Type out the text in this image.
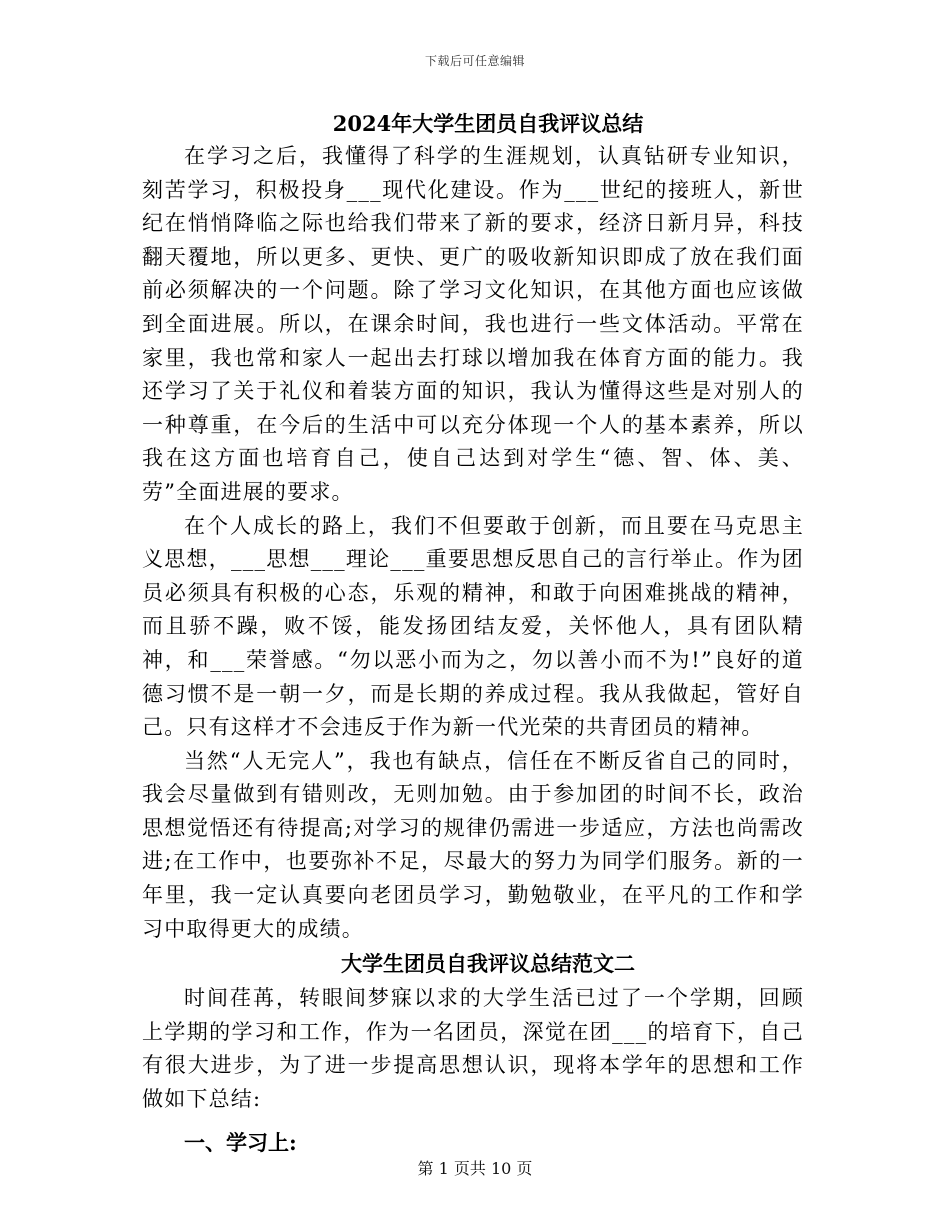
下载后可任意编辑
2024年大学生团员自我评议总结

在学习之后，我懂得了科学的生涯规划，认真钻研专业知识，刻苦学习，积极投身___现代化建设。作为___世纪的接班人，新世纪在悄悄降临之际也给我们带来了新的要求，经济日新月异，科技翻天覆地，所以更多、更快、更广的吸收新知识即成了放在我们面前必须解决的一个问题。除了学习文化知识，在其他方面也应该做到全面进展。所以，在课余时间，我也进行一些文体活动。平常在家里，我也常和家人一起出去打球以增加我在体育方面的能力。我还学习了关于礼仪和着装方面的知识，我认为懂得这些是对别人的一种尊重，在今后的生活中可以充分体现一个人的基本素养，所以我在这方面也培育自己，使自己达到对学生“德、智、体、美、劳”全面进展的要求。

在个人成长的路上，我们不但要敢于创新，而且要在马克思主义思想，___思想___理论___重要思想反思自己的言行举止。作为团员必须具有积极的心态，乐观的精神，和敢于向困难挑战的精神，而且骄不躁，败不馁，能发扬团结友爱，关怀他人，具有团队精神，和___荣誉感。“勿以恶小而为之，勿以善小而不为!”良好的道德习惯不是一朝一夕，而是长期的养成过程。我从我做起，管好自己。只有这样才不会违反于作为新一代光荣的共青团员的精神。

当然“人无完人”，我也有缺点，信任在不断反省自己的同时，我会尽量做到有错则改，无则加勉。由于参加团的时间不长，政治思想觉悟还有待提高;对学习的规律仍需进一步适应，方法也尚需改进;在工作中，也要弥补不足，尽最大的努力为同学们服务。新的一年里，我一定认真要向老团员学习，勤勉敬业，在平凡的工作和学习中取得更大的成绩。

大学生团员自我评议总结范文二

时间荏苒，转眼间梦寐以求的大学生活已过了一个学期，回顾上学期的学习和工作，作为一名团员，深觉在团___的培育下，自己有很大进步，为了进一步提高思想认识，现将本学年的思想和工作做如下总结:

一、学习上:
第 1 页共 10 页
